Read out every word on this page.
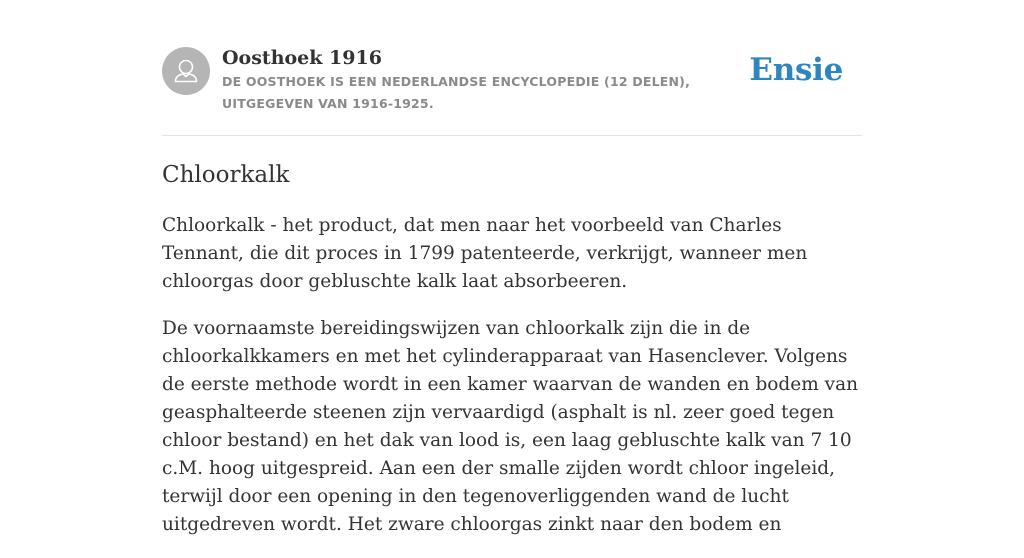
Oosthoek 1916

DE OOSTHOEK IS EEN NEDERLANDSE ENCYCLOPEDIE (12 DELEN), UITGEGEVEN VAN 1916-1925.

Ensie
Chloorkalk

Chloorkalk - het product, dat men naar het voorbeeld van Charles Tennant, die dit proces in 1799 patenteerde, verkrijgt, wanneer men chloorgas door gebluschte kalk laat absorbeeren.

De voornaamste bereidingswijzen van chloorkalk zijn die in de chloorkalkkamers en met het cylinderapparaat van Hasenclever. Volgens de eerste methode wordt in een kamer waarvan de wanden en bodem van geasphalteerde steenen zijn vervaardigd (asphalt is nl. zeer goed tegen chloor bestand) en het dak van lood is, een laag gebluschte kalk van 7 10 c.M. hoog uitgespreid. Aan een der smalle zijden wordt chloor ingeleid, terwijl door een opening in den tegenoverliggenden wand de lucht uitgedreven wordt. Het zware chloorgas zinkt naar den bodem en
